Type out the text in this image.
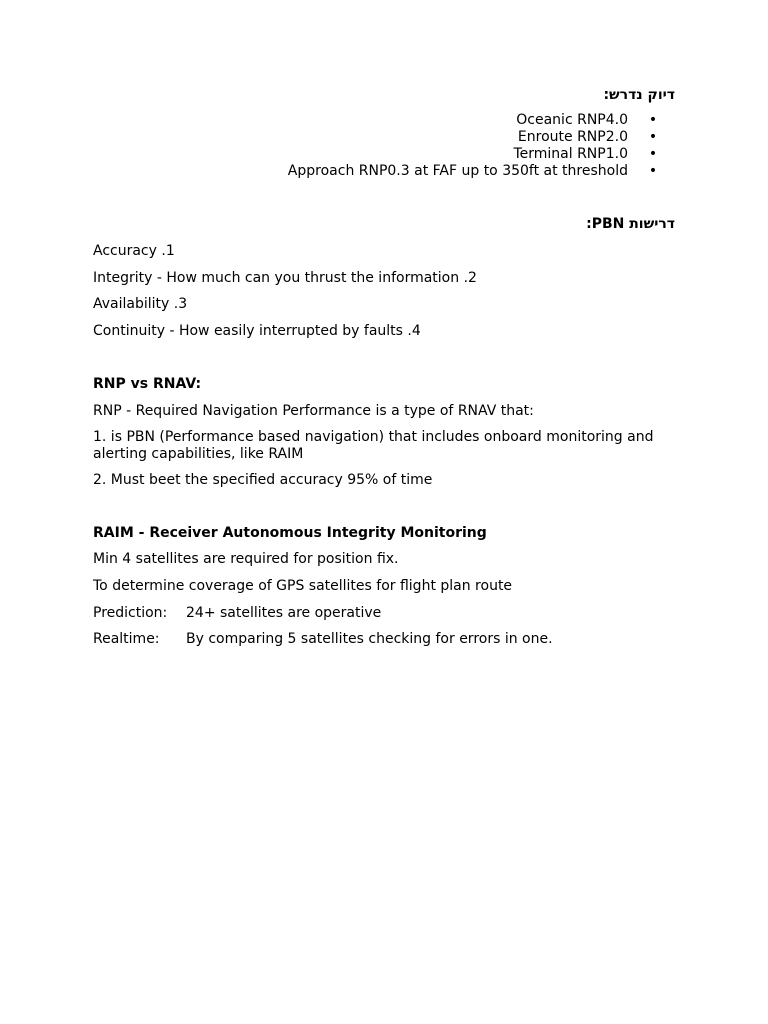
דיוק נדרש:
Oceanic RNP4.0 •
Enroute RNP2.0 •
Terminal RNP1.0 •
Approach RNP0.3 at FAF up to 350ft at threshold •
דרישות PBN:
Accuracy .1
Integrity - How much can you thrust the information .2
Availability .3
Continuity - How easily interrupted by faults .4
RNP vs RNAV:
RNP - Required Navigation Performance is a type of RNAV that:
1. is PBN (Performance based navigation) that includes onboard monitoring and alerting capabilities, like RAIM
2. Must beet the specified accuracy 95% of time
RAIM - Receiver Autonomous Integrity Monitoring
Min 4 satellites are required for position fix.
To determine coverage of GPS satellites for flight plan route
Prediction: 24+ satellites are operative
Realtime: By comparing 5 satellites checking for errors in one.
